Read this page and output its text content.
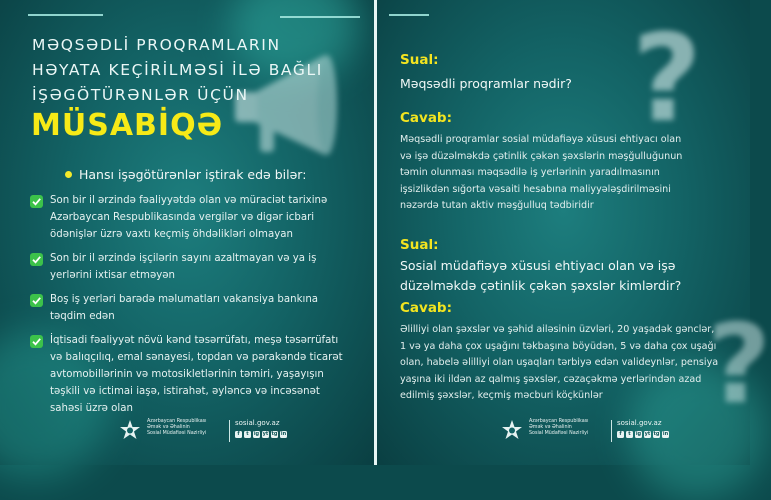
MƏQSƏDLİ PROQRAMLARIN
HƏYATA KEÇİRİLMƏSİ İLƏ BAĞLI
İŞƏGÖTÜRƏNLƏR ÜÇÜN
MÜSABİQƏ
Hansı işəgötürənlər iştirak edə bilər:
Son bir il ərzində fəaliyyətdə olan və müraciət tarixinə
Azərbaycan Respublikasında vergilər və digər icbari
ödənişlər üzrə vaxtı keçmiş öhdəlikləri olmayan
Son bir il ərzində işçilərin sayını azaltmayan və ya iş
yerlərini ixtisar etməyən
Boş iş yerləri barədə məlumatları vakansiya bankına
təqdim edən
İqtisadi fəaliyyət növü kənd təsərrüfatı, meşə təsərrüfatı
və balıqçılıq, emal sənayesi, topdan və pərakəndə ticarət
avtomobillərinin və motosikletlərinin təmiri, yaşayışın
təşkili və ictimai iaşə, istirahət, əyləncə və incəsənət
sahəsi üzrə olan
Azərbaycan Respublikası
Əmək və Əhalinin
Sosial Müdafiəsi Nazirliyi
sosial.gov.az
f	t	ig yt tg in
?
?
Sual:
Məqsədli proqramlar nədir?
Cavab:
Məqsədli proqramlar sosial müdafiəyə xüsusi ehtiyacı olan
və işə düzəlməkdə çətinlik çəkən şəxslərin məşğulluğunun
təmin olunması məqsədilə iş yerlərinin yaradılmasının
işsizlikdən sığorta vəsaiti hesabına maliyyələşdirilməsini
nəzərdə tutan aktiv məşğulluq tədbiridir
Sual:
Sosial müdafiəyə xüsusi ehtiyacı olan və işə
düzəlməkdə çətinlik çəkən şəxslər kimlərdir?
Cavab:
Əlilliyi olan şəxslər və şəhid ailəsinin üzvləri, 20 yaşadək gənclər,
1 və ya daha çox uşağını təkbaşına böyüdən, 5 və daha çox uşağı
olan, habelə əlilliyi olan uşaqları tərbiyə edən valideynlər, pensiya
yaşına iki ildən az qalmış şəxslər, cəzaçəkmə yerlərindən azad
edilmiş şəxslər, keçmiş məcburi köçkünlər
Azərbaycan Respublikası
Əmək və Əhalinin
Sosial Müdafiəsi Nazirliyi
sosial.gov.az
f	t	ig yt tg in
